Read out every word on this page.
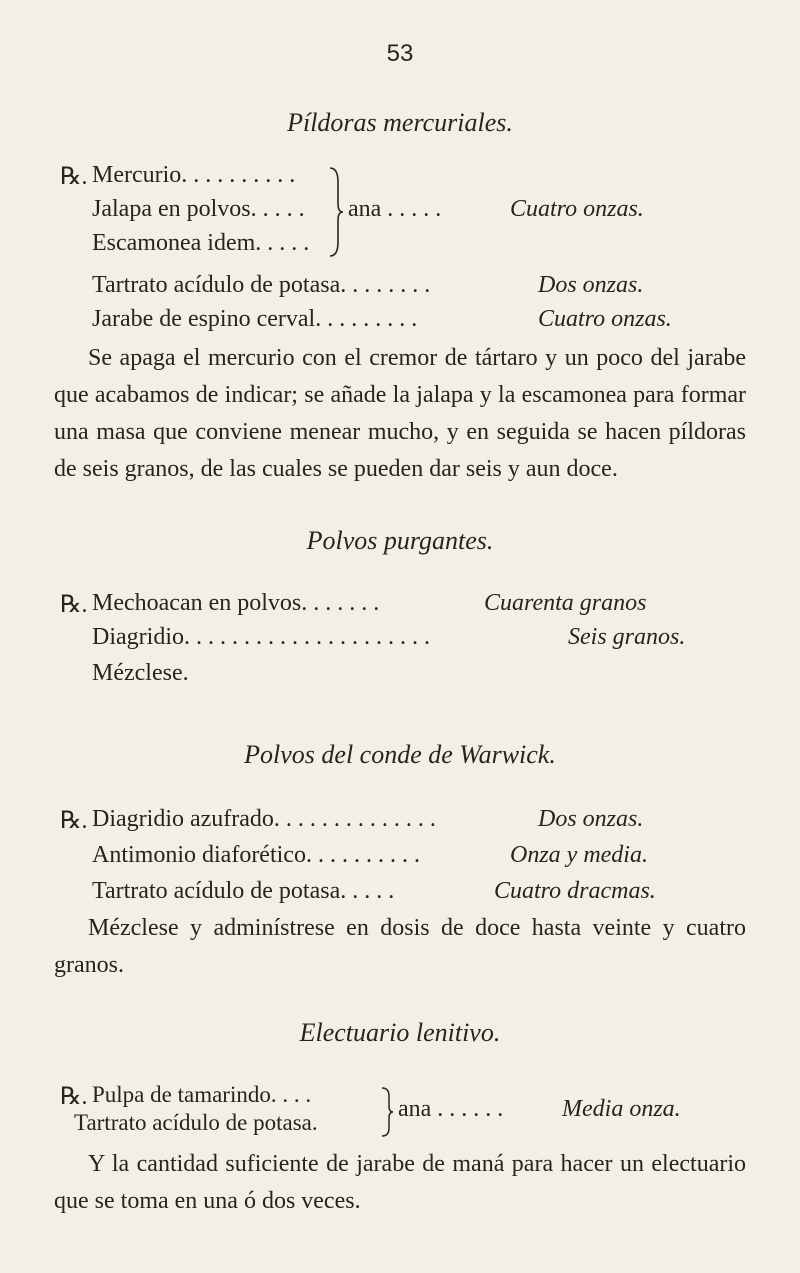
53
Píldoras mercuriales.
℞. Mercurio. . . . . . . . . .
Jalapa en polvos. . . . .
Escamonea idem. . . . .
ana . . . . .	Cuatro onzas.
Tartrato acídulo de potasa. . . . . . . .	Dos onzas.
Jarabe de espino cerval. . . . . . . . .	Cuatro onzas.
Se apaga el mercurio con el cremor de tártaro y un poco del jarabe que acabamos de indicar; se añade la jalapa y la escamonea para formar una masa que conviene menear mucho, y en seguida se hacen píldoras de seis granos, de las cuales se pueden dar seis y aun doce.
Polvos purgantes.
℞. Mechoacan en polvos. . . . . . .	Cuarenta granos
Diagridio. . . . . . . . . . . . . . . . . . . . .	Seis granos.
Mézclese.
Polvos del conde de Warwick.
℞. Diagridio azufrado. . . . . . . . . . . . . .	Dos onzas.
Antimonio diaforético. . . . . . . . . .	Onza y media.
Tartrato acídulo de potasa. . . . .	Cuatro dracmas.
Mézclese y adminístrese en dosis de doce hasta veinte y cuatro granos.
Electuario lenitivo.
℞. Pulpa de tamarindo. . . .
Tartrato acídulo de potasa.
ana . . . . . . Media onza.
Y la cantidad suficiente de jarabe de maná para hacer un electuario que se toma en una ó dos veces.
